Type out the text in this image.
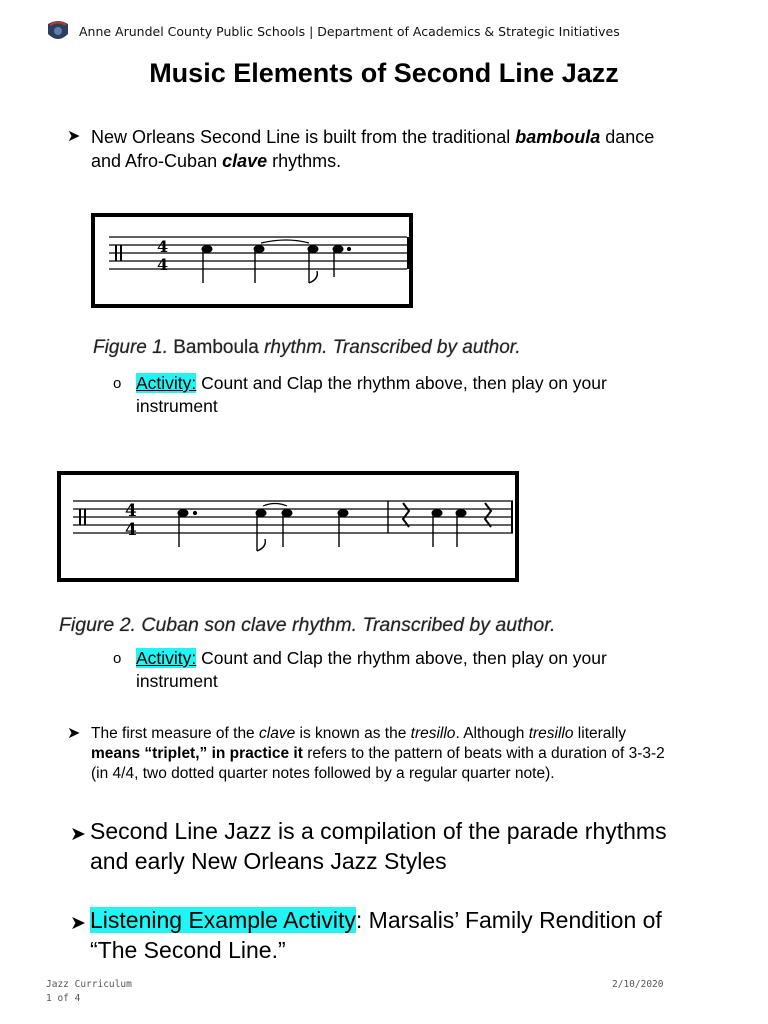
Anne Arundel County Public Schools | Department of Academics & Strategic Initiatives
Music Elements of Second Line Jazz
➤ New Orleans Second Line is built from the traditional bamboula dance
and Afro-Cuban clave rhythms.
4
4
Figure 1. Bamboula rhythm. Transcribed by author.
o Activity: Count and Clap the rhythm above, then play on your
instrument
4
4
Figure 2. Cuban son clave rhythm. Transcribed by author.
o Activity: Count and Clap the rhythm above, then play on your
instrument
➤ The first measure of the clave is known as the tresillo. Although tresillo literally
means “triplet,” in practice it refers to the pattern of beats with a duration of 3-3-2
(in 4/4, two dotted quarter notes followed by a regular quarter note).
➤ Second Line Jazz is a compilation of the parade rhythms
and early New Orleans Jazz Styles
➤ Listening Example Activity: Marsalis’ Family Rendition of
“The Second Line.”
Jazz Curriculum
1 of 4
2/10/2020
